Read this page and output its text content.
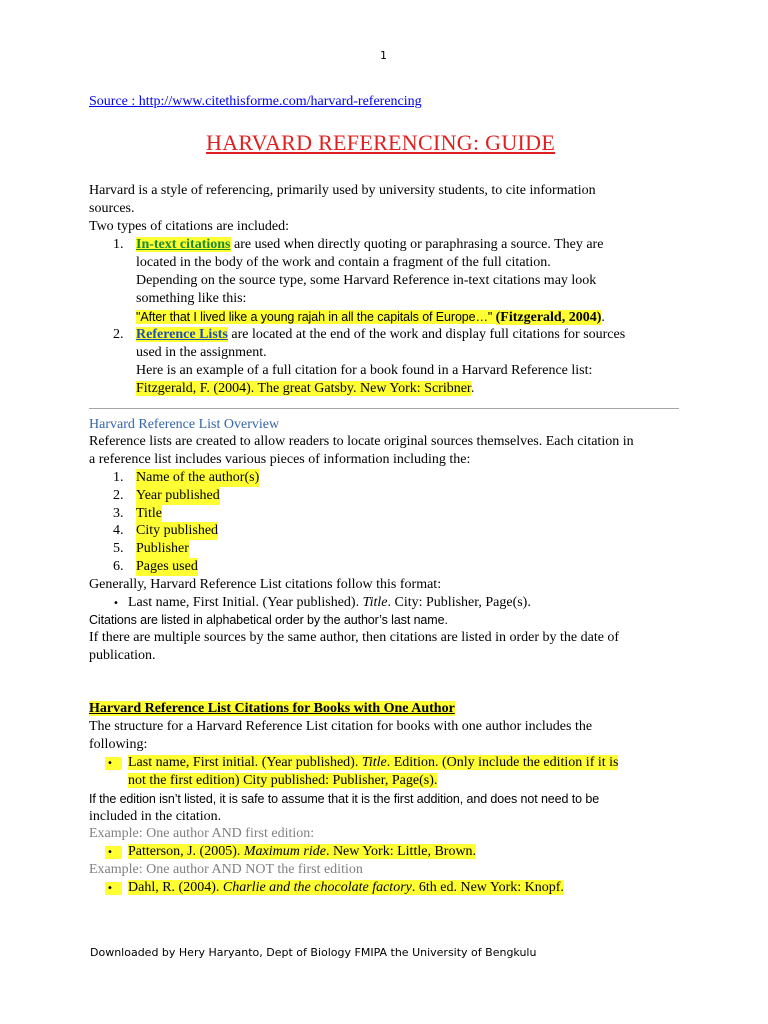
1
Source : http://www.citethisforme.com/harvard-referencing
HARVARD REFERENCING: GUIDE
Harvard is a style of referencing, primarily used by university students, to cite information
sources.
Two types of citations are included:
1. In-text citations are used when directly quoting or paraphrasing a source. They are
located in the body of the work and contain a fragment of the full citation.
Depending on the source type, some Harvard Reference in-text citations may look
something like this:
"After that I lived like a young rajah in all the capitals of Europe…" (Fitzgerald, 2004).
2. Reference Lists are located at the end of the work and display full citations for sources
used in the assignment.
Here is an example of a full citation for a book found in a Harvard Reference list:
Fitzgerald, F. (2004). The great Gatsby. New York: Scribner.
Harvard Reference List Overview
Reference lists are created to allow readers to locate original sources themselves. Each citation in
a reference list includes various pieces of information including the:
1. Name of the author(s)
2. Year published
3. Title
4. City published
5. Publisher
6. Pages used
Generally, Harvard Reference List citations follow this format:
• Last name, First Initial. (Year published). Title. City: Publisher, Page(s).
Citations are listed in alphabetical order by the author’s last name.
If there are multiple sources by the same author, then citations are listed in order by the date of
publication.
Harvard Reference List Citations for Books with One Author
The structure for a Harvard Reference List citation for books with one author includes the
following:
•	Last name, First initial. (Year published). Title. Edition. (Only include the edition if it is
not the first edition) City published: Publisher, Page(s).
If the edition isn’t listed, it is safe to assume that it is the first addition, and does not need to be
included in the citation.
Example: One author AND first edition:
•	Patterson, J. (2005). Maximum ride. New York: Little, Brown.
Example: One author AND NOT the first edition
•	Dahl, R. (2004). Charlie and the chocolate factory. 6th ed. New York: Knopf.
Downloaded by Hery Haryanto, Dept of Biology FMIPA the University of Bengkulu
